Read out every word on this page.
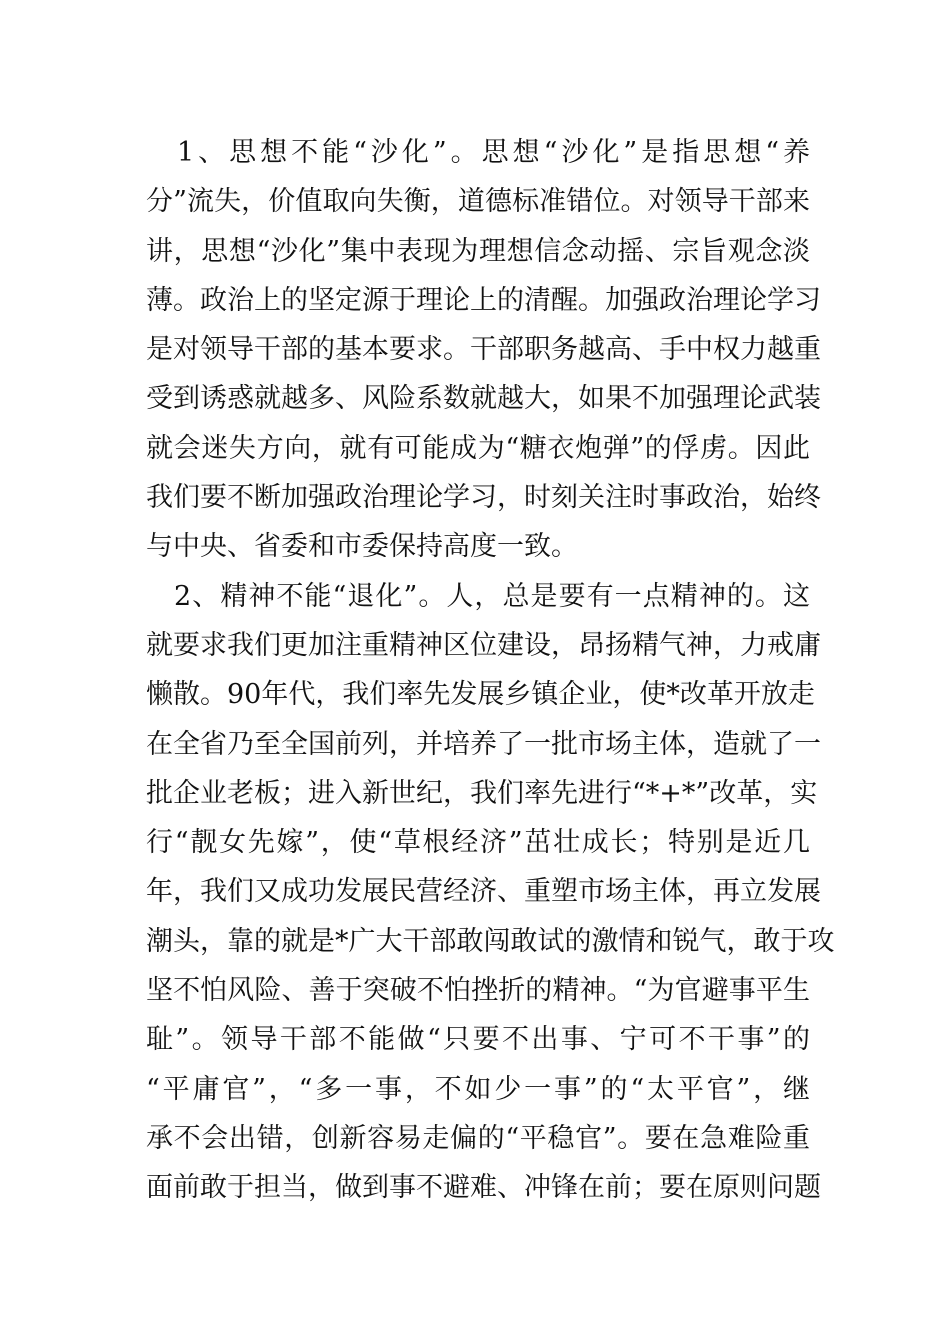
　1、思想不能“沙化”。思想“沙化”是指思想“养
分”流失，价值取向失衡，道德标准错位。对领导干部来
讲，思想“沙化”集中表现为理想信念动摇、宗旨观念淡
薄。政治上的坚定源于理论上的清醒。加强政治理论学习
是对领导干部的基本要求。干部职务越高、手中权力越重
受到诱惑就越多、风险系数就越大，如果不加强理论武装
就会迷失方向，就有可能成为“糖衣炮弹”的俘虏。因此
我们要不断加强政治理论学习，时刻关注时事政治，始终
与中央、省委和市委保持高度一致。
　2、精神不能“退化”。人，总是要有一点精神的。这
就要求我们更加注重精神区位建设，昂扬精气神，力戒庸
懒散。90年代，我们率先发展乡镇企业，使*改革开放走
在全省乃至全国前列，并培养了一批市场主体，造就了一
批企业老板；进入新世纪，我们率先进行“*+*”改革，实
行“靓女先嫁”，使“草根经济”茁壮成长；特别是近几
年，我们又成功发展民营经济、重塑市场主体，再立发展
潮头，靠的就是*广大干部敢闯敢试的激情和锐气，敢于攻
坚不怕风险、善于突破不怕挫折的精神。“为官避事平生
耻”。领导干部不能做“只要不出事、宁可不干事”的
“平庸官”，“多一事，不如少一事”的“太平官”，继
承不会出错，创新容易走偏的“平稳官”。要在急难险重
面前敢于担当，做到事不避难、冲锋在前；要在原则问题
